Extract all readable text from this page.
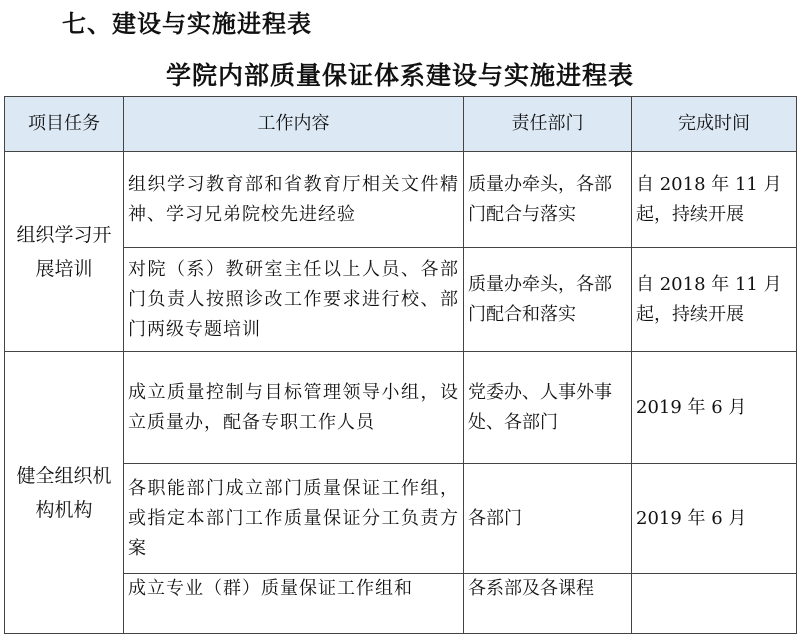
七、建设与实施进程表
学院内部质量保证体系建设与实施进程表
项目任务	工作内容	责任部门	完成时间
组织学习开展培训	组织学习教育部和省教育厅相关文件精神、学习兄弟院校先进经验	质量办牵头，各部门配合与落实	自 2018 年 11 月起，持续开展
	对院（系）教研室主任以上人员、各部门负责人按照诊改工作要求进行校、部门两级专题培训	质量办牵头，各部门配合和落实	自 2018 年 11 月起，持续开展
健全组织机构机构	成立质量控制与目标管理领导小组，设立质量办，配备专职工作人员	党委办、人事外事处、各部门	2019 年 6 月
	各职能部门成立部门质量保证工作组，或指定本部门工作质量保证分工负责方案	各部门	2019 年 6 月
	成立专业（群）质量保证工作组和	各系部及各课程	
